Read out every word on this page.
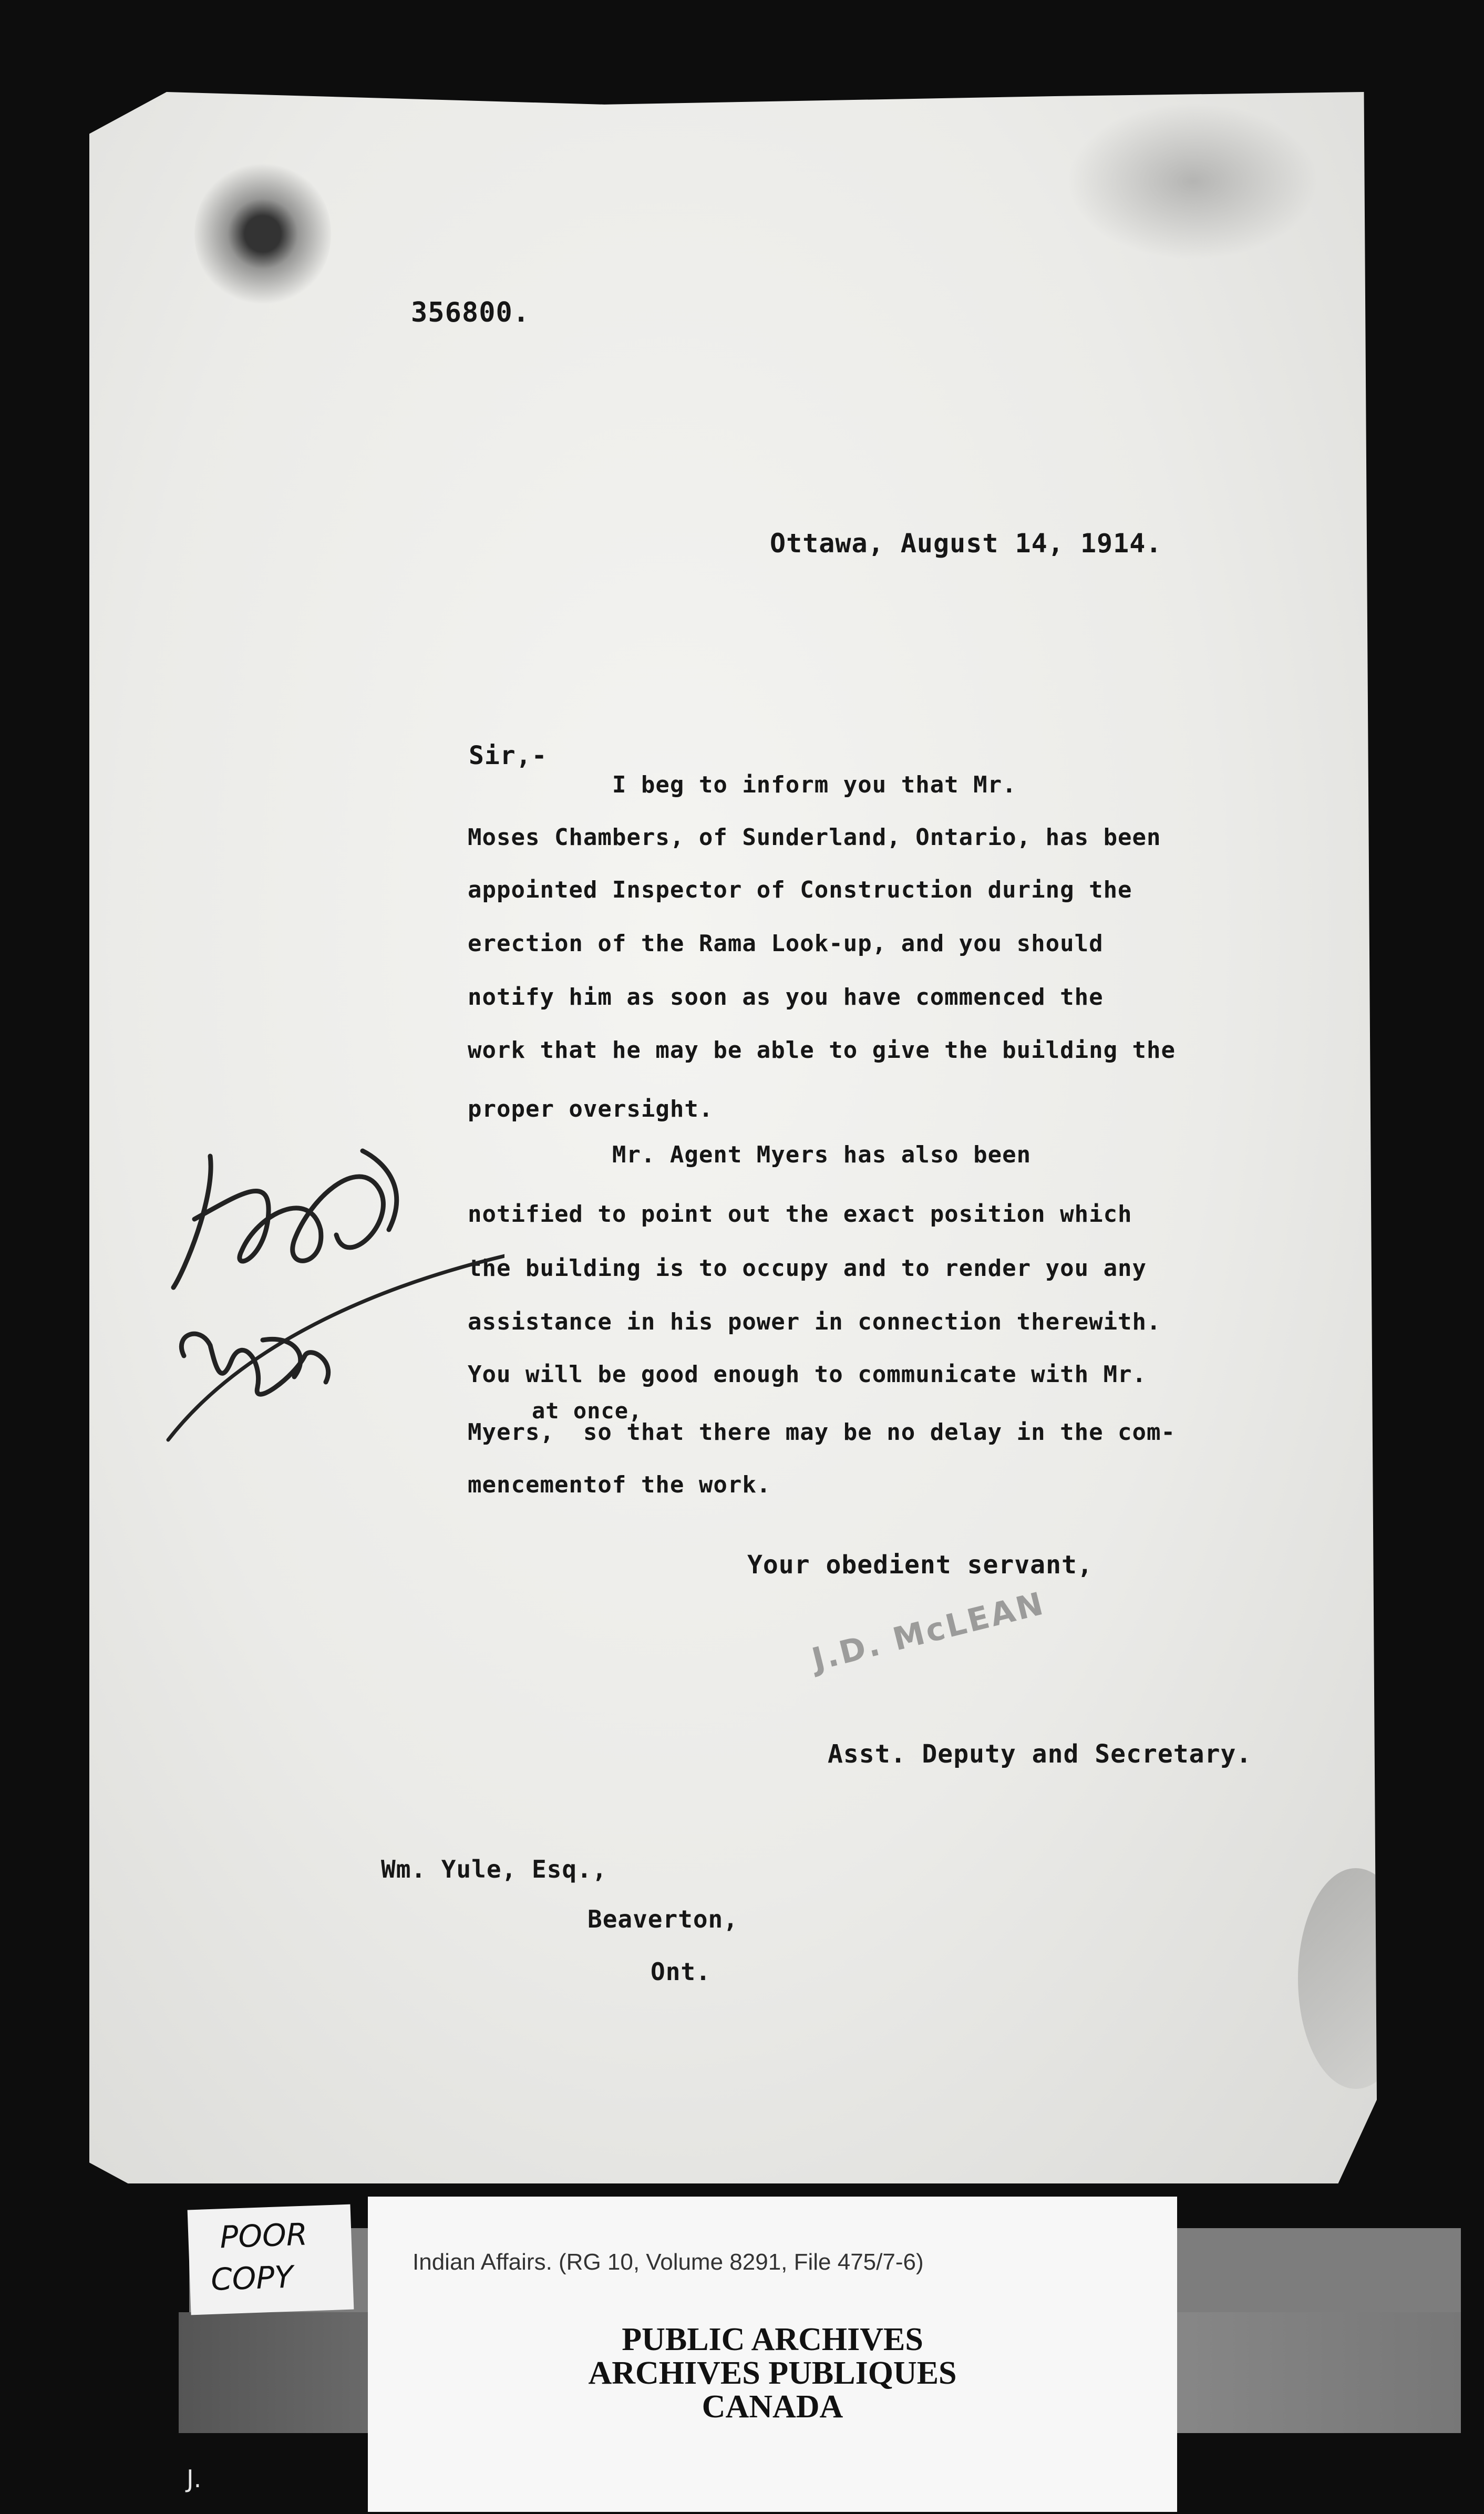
356800.
Ottawa, August 14, 1914.
Sir,-
I beg to inform you that Mr.
Moses Chambers, of Sunderland, Ontario, has been
appointed Inspector of Construction during the
erection of the Rama Look-up, and you should
notify him as soon as you have commenced the
work that he may be able to give the building the
proper oversight.
Mr. Agent Myers has also been
notified to point out the exact position which
the building is to occupy and to render you any
assistance in his power in connection therewith.
You will be good enough to communicate with Mr.
at once,
Myers,  so that there may be no delay in the com-
mencementof the work.
Your obedient servant,
J.D. McLEAN
Asst. Deputy and Secretary.
Wm. Yule, Esq.,
Beaverton,
Ont.
POOR
COPY	Indian Affairs. (RG 10, Volume 8291, File 475/7-6)
PUBLIC ARCHIVES
ARCHIVES PUBLIQUES
CANADA
J.
